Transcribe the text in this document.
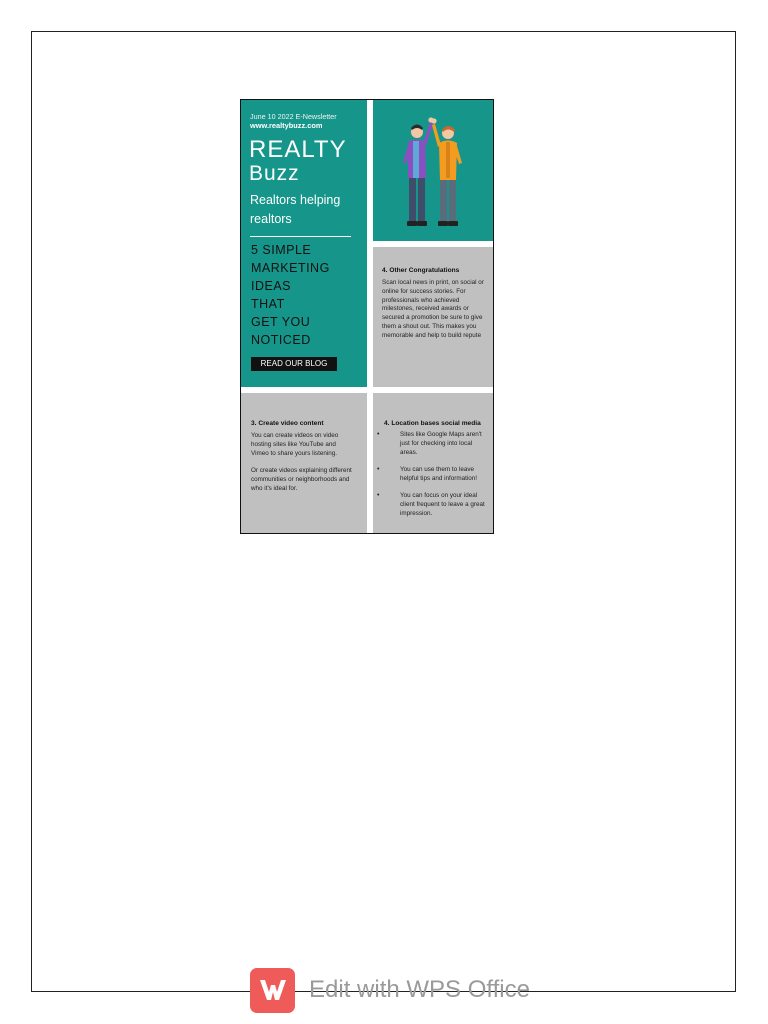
June 10 2022 E-Newsletter
www.realtybuzz.com
REALTY
Buzz
Realtors helping realtors
5 SIMPLE
MARKETING
IDEAS
THAT
GET YOU
NOTICED
READ OUR BLOG
4. Other Congratulations
Scan local news in print, on social or online for success stories. For professionals who achieved milestones, received awards or secured a promotion be sure to give them a shout out. This makes you memorable and help to build repute
3. Create video content

You can create videos on video hosting sites like YouTube and Vimeo to share yours listening.

Or create videos explaining different communities or neighborhoods and who it's ideal for.

4. Location bases social media
• Sites like Google Maps aren't just for checking into local areas.
• You can use them to leave helpful tips and information!
• You can focus on your ideal client frequent to leave a great impression.
Edit with WPS Office
